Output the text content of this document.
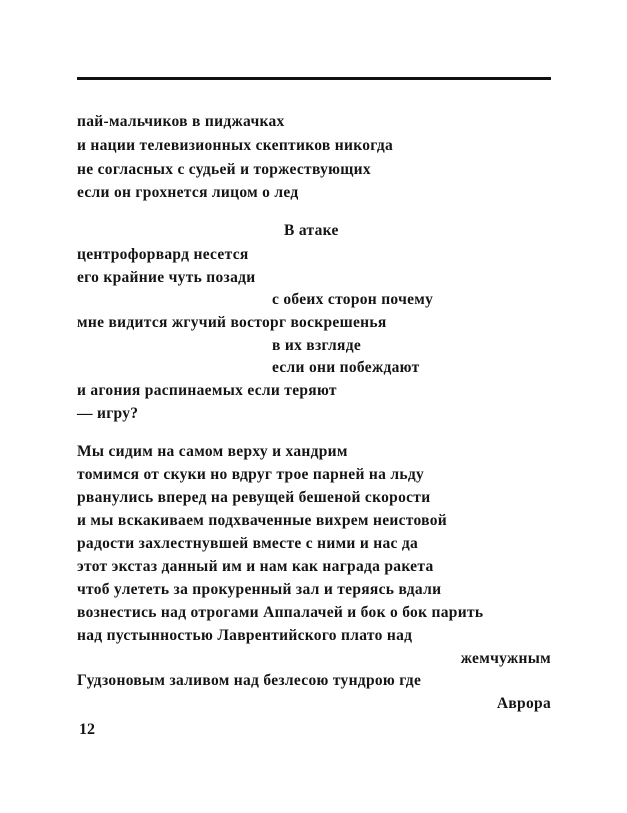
пай-мальчиков в пиджачках
и нации телевизионных скептиков никогда
не согласных с судьей и торжествующих
если он грохнется лицом о лед
В атаке
центрофорвард несется
его крайние чуть позади
с обеих сторон почему
мне видится жгучий восторг воскрешенья
в их взгляде
если они побеждают
и агония распинаемых если теряют
— игру?
Мы сидим на самом верху и хандрим
томимся от скуки но вдруг трое парней на льду
рванулись вперед на ревущей бешеной скорости
и мы вскакиваем подхваченные вихрем неистовой
радости захлестнувшей вместе с ними и нас да
этот экстаз данный им и нам как награда ракета
чтоб улететь за прокуренный зал и теряясь вдали
вознестись над отрогами Аппалачей и бок о бок парить
над пустынностью Лаврентийского плато над
жемчужным
Гудзоновым заливом над безлесою тундрою где
Аврора
12
